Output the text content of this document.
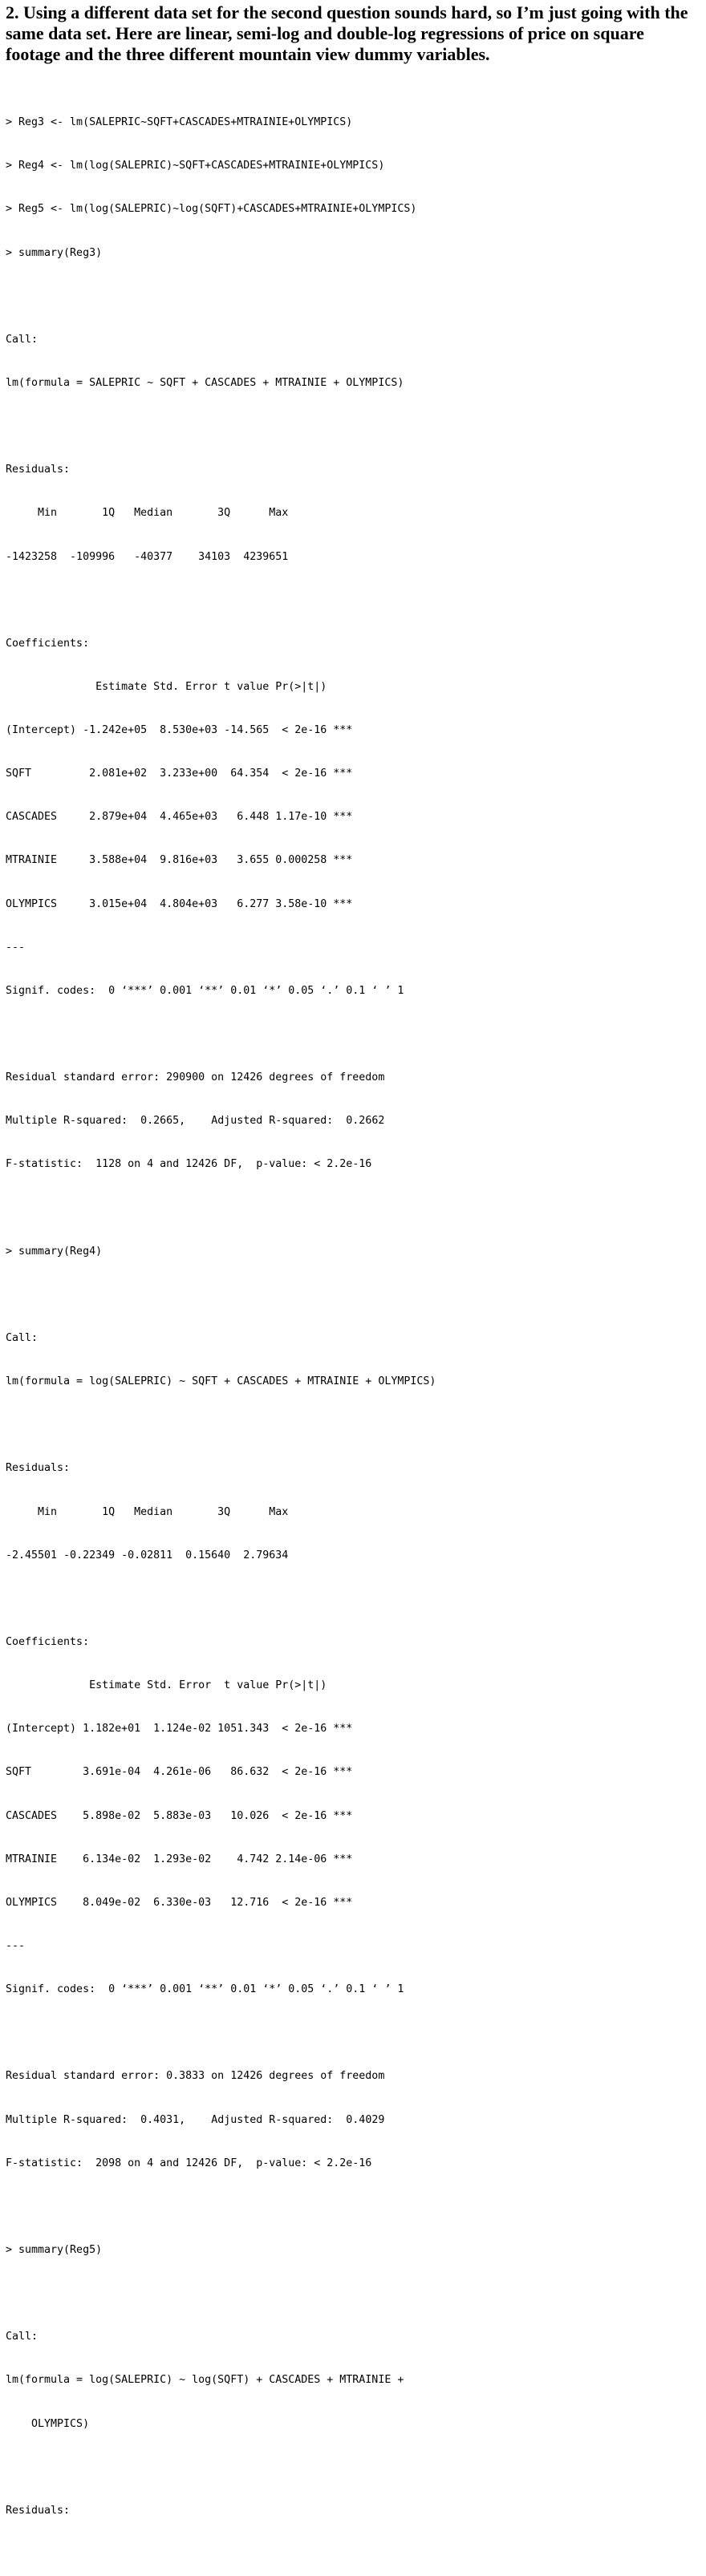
2. Using a different data set for the second question sounds hard, so I’m just going with the same data set. Here are linear, semi-log and double-log regressions of price on square footage and the three different mountain view dummy variables.

> Reg3 <- lm(SALEPRIC~SQFT+CASCADES+MTRAINIE+OLYMPICS)

> Reg4 <- lm(log(SALEPRIC)~SQFT+CASCADES+MTRAINIE+OLYMPICS)

> Reg5 <- lm(log(SALEPRIC)~log(SQFT)+CASCADES+MTRAINIE+OLYMPICS)

> summary(Reg3)

Call:

lm(formula = SALEPRIC ~ SQFT + CASCADES + MTRAINIE + OLYMPICS)

Residuals:

Min       1Q   Median       3Q      Max

-1423258  -109996   -40377    34103  4239651

Coefficients:

Estimate Std. Error t value Pr(>|t|)

(Intercept) -1.242e+05  8.530e+03 -14.565  < 2e-16 ***

SQFT         2.081e+02  3.233e+00  64.354  < 2e-16 ***

CASCADES     2.879e+04  4.465e+03   6.448 1.17e-10 ***

MTRAINIE     3.588e+04  9.816e+03   3.655 0.000258 ***

OLYMPICS     3.015e+04  4.804e+03   6.277 3.58e-10 ***

---

Signif. codes:  0 ‘***’ 0.001 ‘**’ 0.01 ‘*’ 0.05 ‘.’ 0.1 ‘ ’ 1

Residual standard error: 290900 on 12426 degrees of freedom

Multiple R-squared:  0.2665,	Adjusted R-squared:  0.2662

F-statistic:  1128 on 4 and 12426 DF,  p-value: < 2.2e-16

> summary(Reg4)

Call:

lm(formula = log(SALEPRIC) ~ SQFT + CASCADES + MTRAINIE + OLYMPICS)

Residuals:

Min       1Q   Median       3Q      Max

-2.45501 -0.22349 -0.02811  0.15640  2.79634

Coefficients:

Estimate Std. Error  t value Pr(>|t|)

(Intercept) 1.182e+01  1.124e-02 1051.343  < 2e-16 ***

SQFT        3.691e-04  4.261e-06   86.632  < 2e-16 ***

CASCADES    5.898e-02  5.883e-03   10.026  < 2e-16 ***

MTRAINIE    6.134e-02  1.293e-02    4.742 2.14e-06 ***

OLYMPICS    8.049e-02  6.330e-03   12.716  < 2e-16 ***

---

Signif. codes:  0 ‘***’ 0.001 ‘**’ 0.01 ‘*’ 0.05 ‘.’ 0.1 ‘ ’ 1

Residual standard error: 0.3833 on 12426 degrees of freedom

Multiple R-squared:  0.4031,	Adjusted R-squared:  0.4029

F-statistic:  2098 on 4 and 12426 DF,  p-value: < 2.2e-16

> summary(Reg5)

Call:

lm(formula = log(SALEPRIC) ~ log(SQFT) + CASCADES + MTRAINIE +

OLYMPICS)

Residuals:
